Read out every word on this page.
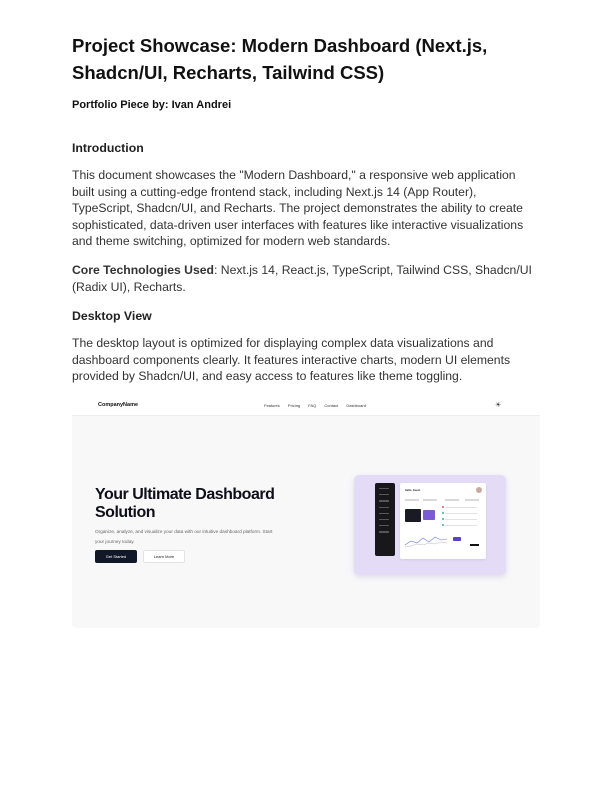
Project Showcase: Modern Dashboard (Next.js, Shadcn/UI, Recharts, Tailwind CSS)
Portfolio Piece by: Ivan Andrei
Introduction

This document showcases the "Modern Dashboard," a responsive web application built using a cutting-edge frontend stack, including Next.js 14 (App Router), TypeScript, Shadcn/UI, and Recharts. The project demonstrates the ability to create sophisticated, data-driven user interfaces with features like interactive visualizations and theme switching, optimized for modern web standards.

Core Technologies Used: Next.js 14, React.js, TypeScript, Tailwind CSS, Shadcn/UI (Radix UI), Recharts.

Desktop View

The desktop layout is optimized for displaying complex data visualizations and dashboard components clearly. It features interactive charts, modern UI elements provided by Shadcn/UI, and easy access to features like theme toggling.

CompanyName	Features Pricing FAQ Contact Dashboard	☀
Your Ultimate Dashboard Solution
Organize, analyze, and visualize your data with our intuitive dashboard platform. Start your journey today.
Get Started	Learn More
Hello, Guest
